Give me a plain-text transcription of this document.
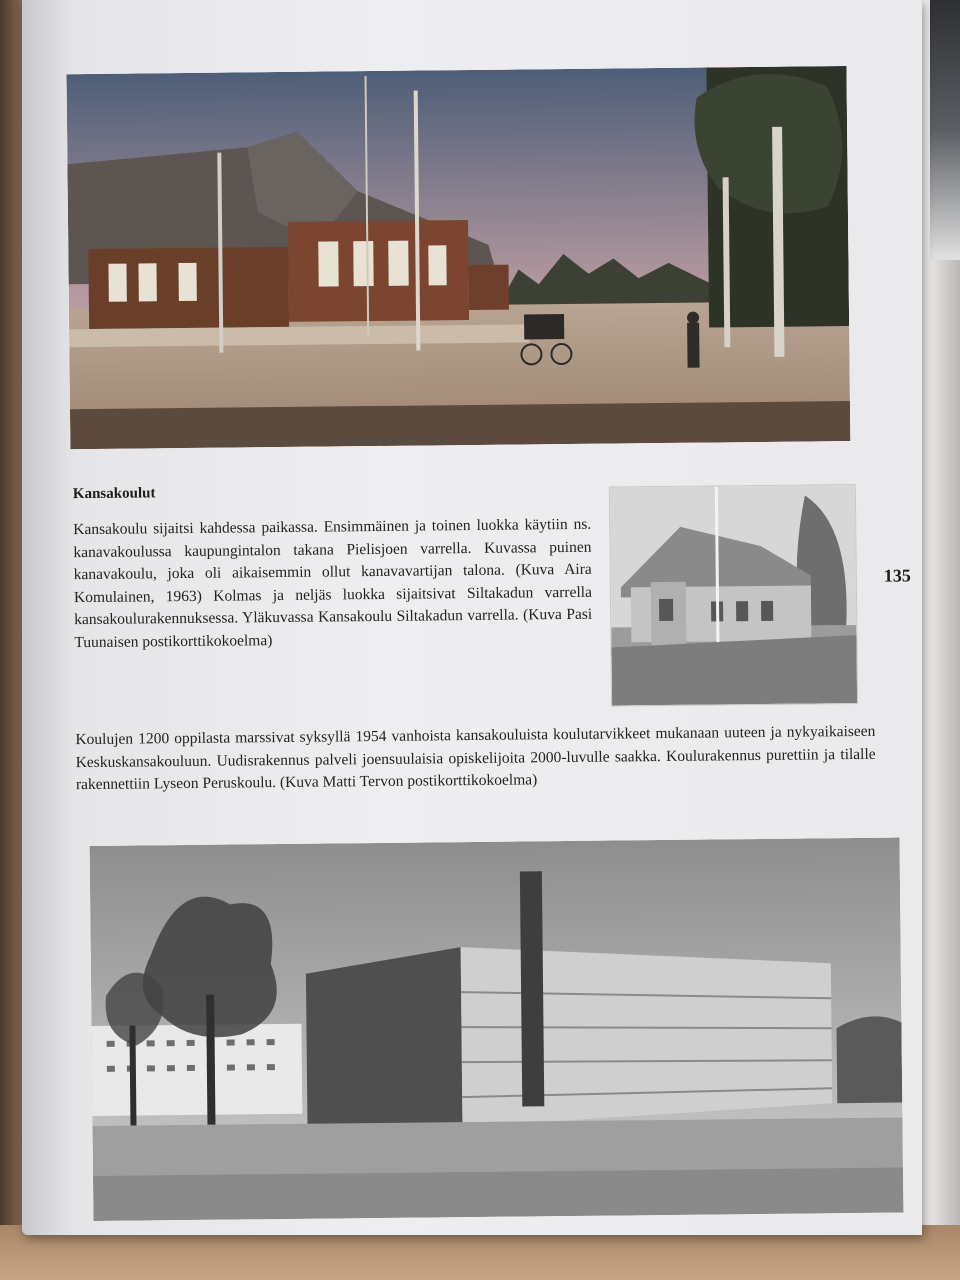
Kansakoulut
Kansakoulu sijaitsi kahdessa paikassa. Ensimmäinen ja toinen luokka käytiin ns. kanavakoulussa kaupungintalon takana Pielisjoen varrella. Kuvassa puinen kanavakoulu, joka oli aikaisemmin ollut kanavavartijan talona. (Kuva Aira Komulainen, 1963) Kolmas ja neljäs luokka sijaitsivat Siltakadun varrella kansakoulurakennuksessa. Yläkuvassa Kansakoulu Siltakadun varrella. (Kuva Pasi Tuunaisen postikorttikokoelma)
135
Koulujen 1200 oppilasta marssivat syksyllä 1954 vanhoista kansakouluista koulutarvikkeet mukanaan uuteen ja nykyaikaiseen Keskuskansakouluun. Uudisrakennus palveli joensuulaisia opiskelijoita 2000-luvulle saakka. Koulurakennus purettiin ja tilalle rakennettiin Lyseon Peruskoulu. (Kuva Matti Tervon postikorttikokoelma)
